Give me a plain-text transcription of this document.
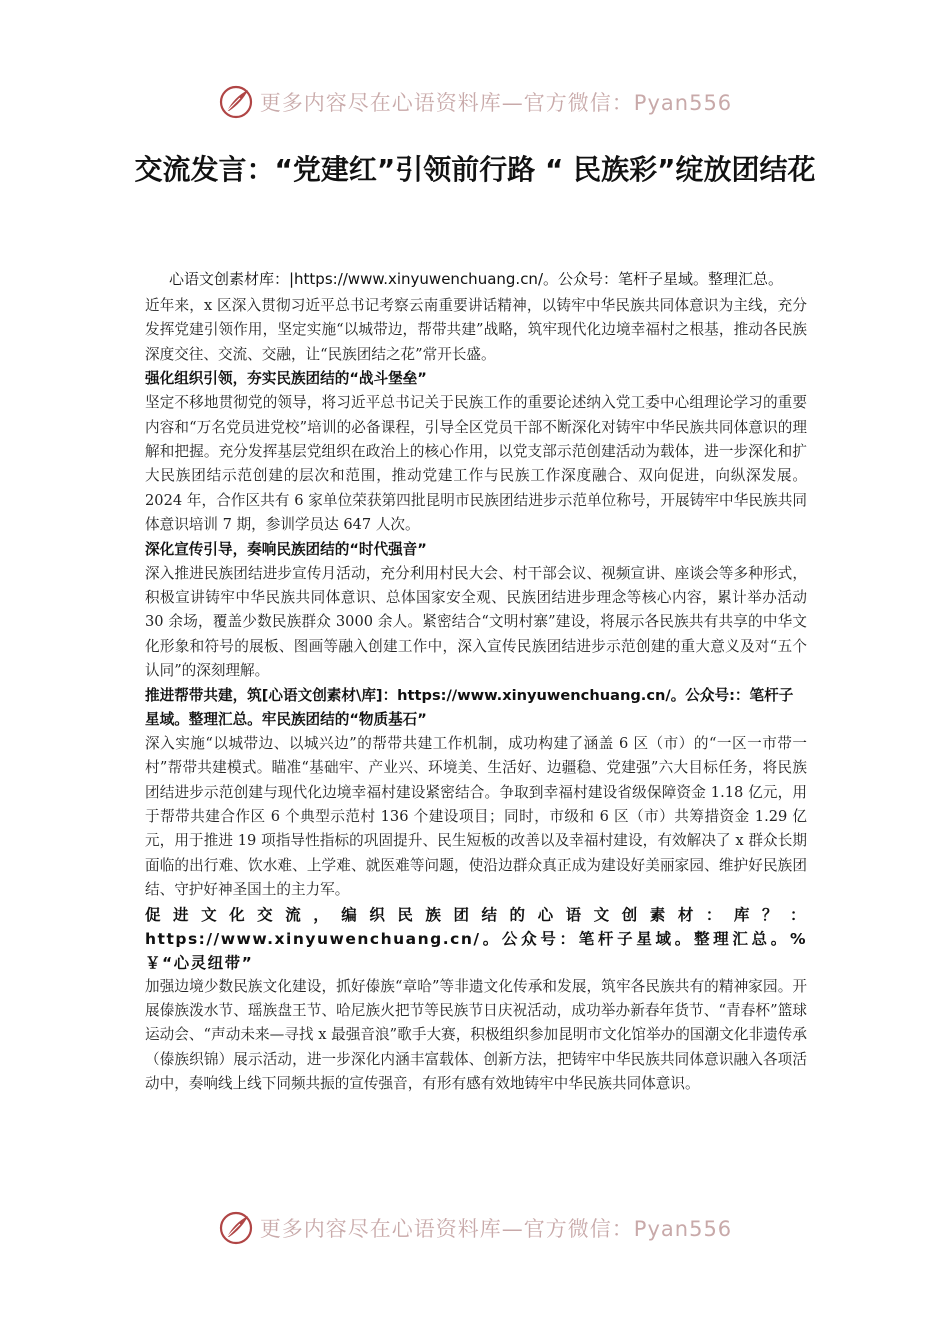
更多内容尽在心语资料库—官方微信：Pyan556
交流发言：“党建红”引领前行路 “ 民族彩”绽放团结花

心语文创素材库：|https://www.xinyuwenchuang.cn/。公众号：笔杆子星域。整理汇总。

近年来，x 区深入贯彻习近平总书记考察云南重要讲话精神，以铸牢中华民族共同体意识为主线，充分发挥党建引领作用，坚定实施“以城带边，帮带共建”战略，筑牢现代化边境幸福村之根基，推动各民族深度交往、交流、交融，让“民族团结之花”常开长盛。

强化组织引领，夯实民族团结的“战斗堡垒”

坚定不移地贯彻党的领导，将习近平总书记关于民族工作的重要论述纳入党工委中心组理论学习的重要内容和“万名党员进党校”培训的必备课程，引导全区党员干部不断深化对铸牢中华民族共同体意识的理解和把握。充分发挥基层党组织在政治上的核心作用，以党支部示范创建活动为载体，进一步深化和扩大民族团结示范创建的层次和范围，推动党建工作与民族工作深度融合、双向促进，向纵深发展。2024 年，合作区共有 6 家单位荣获第四批昆明市民族团结进步示范单位称号，开展铸牢中华民族共同体意识培训 7 期，参训学员达 647 人次。

深化宣传引导，奏响民族团结的“时代强音”

深入推进民族团结进步宣传月活动，充分利用村民大会、村干部会议、视频宣讲、座谈会等多种形式，积极宣讲铸牢中华民族共同体意识、总体国家安全观、民族团结进步理念等核心内容，累计举办活动 30 余场，覆盖少数民族群众 3000 余人。紧密结合“文明村寨”建设，将展示各民族共有共享的中华文化形象和符号的展板、图画等融入创建工作中，深入宣传民族团结进步示范创建的重大意义及对“五个认同”的深刻理解。

推进帮带共建，筑[心语文创素材\库]：https://www.xinyuwenchuang.cn/。公众号:：笔杆子星域。整理汇总。牢民族团结的“物质基石”

深入实施“以城带边、以城兴边”的帮带共建工作机制，成功构建了涵盖 6 区（市）的“一区一市带一村”帮带共建模式。瞄准“基础牢、产业兴、环境美、生活好、边疆稳、党建强”六大目标任务，将民族团结进步示范创建与现代化边境幸福村建设紧密结合。争取到幸福村建设省级保障资金 1.18 亿元，用于帮带共建合作区 6 个典型示范村 136 个建设项目；同时，市级和 6 区（市）共筹措资金 1.29 亿元，用于推进 19 项指导性指标的巩固提升、民生短板的改善以及幸福村建设，有效解决了 x 群众长期面临的出行难、饮水难、上学难、就医难等问题，使沿边群众真正成为建设好美丽家园、维护好民族团结、守护好神圣国土的主力军。

促进文化交流，编织民族团结的心语文创素材：库？：https://www.xinyuwenchuang.cn/。公众号：笔杆子星域。整理汇总。%￥“心灵纽带”

加强边境少数民族文化建设，抓好傣族“章哈”等非遗文化传承和发展，筑牢各民族共有的精神家园。开展傣族泼水节、瑶族盘王节、哈尼族火把节等民族节日庆祝活动，成功举办新春年货节、“青春杯”篮球运动会、“声动未来—寻找 x 最强音浪”歌手大赛，积极组织参加昆明市文化馆举办的国潮文化非遗传承（傣族织锦）展示活动，进一步深化内涵丰富载体、创新方法，把铸牢中华民族共同体意识融入各项活动中，奏响线上线下同频共振的宣传强音，有形有感有效地铸牢中华民族共同体意识。

更多内容尽在心语资料库—官方微信：Pyan556
